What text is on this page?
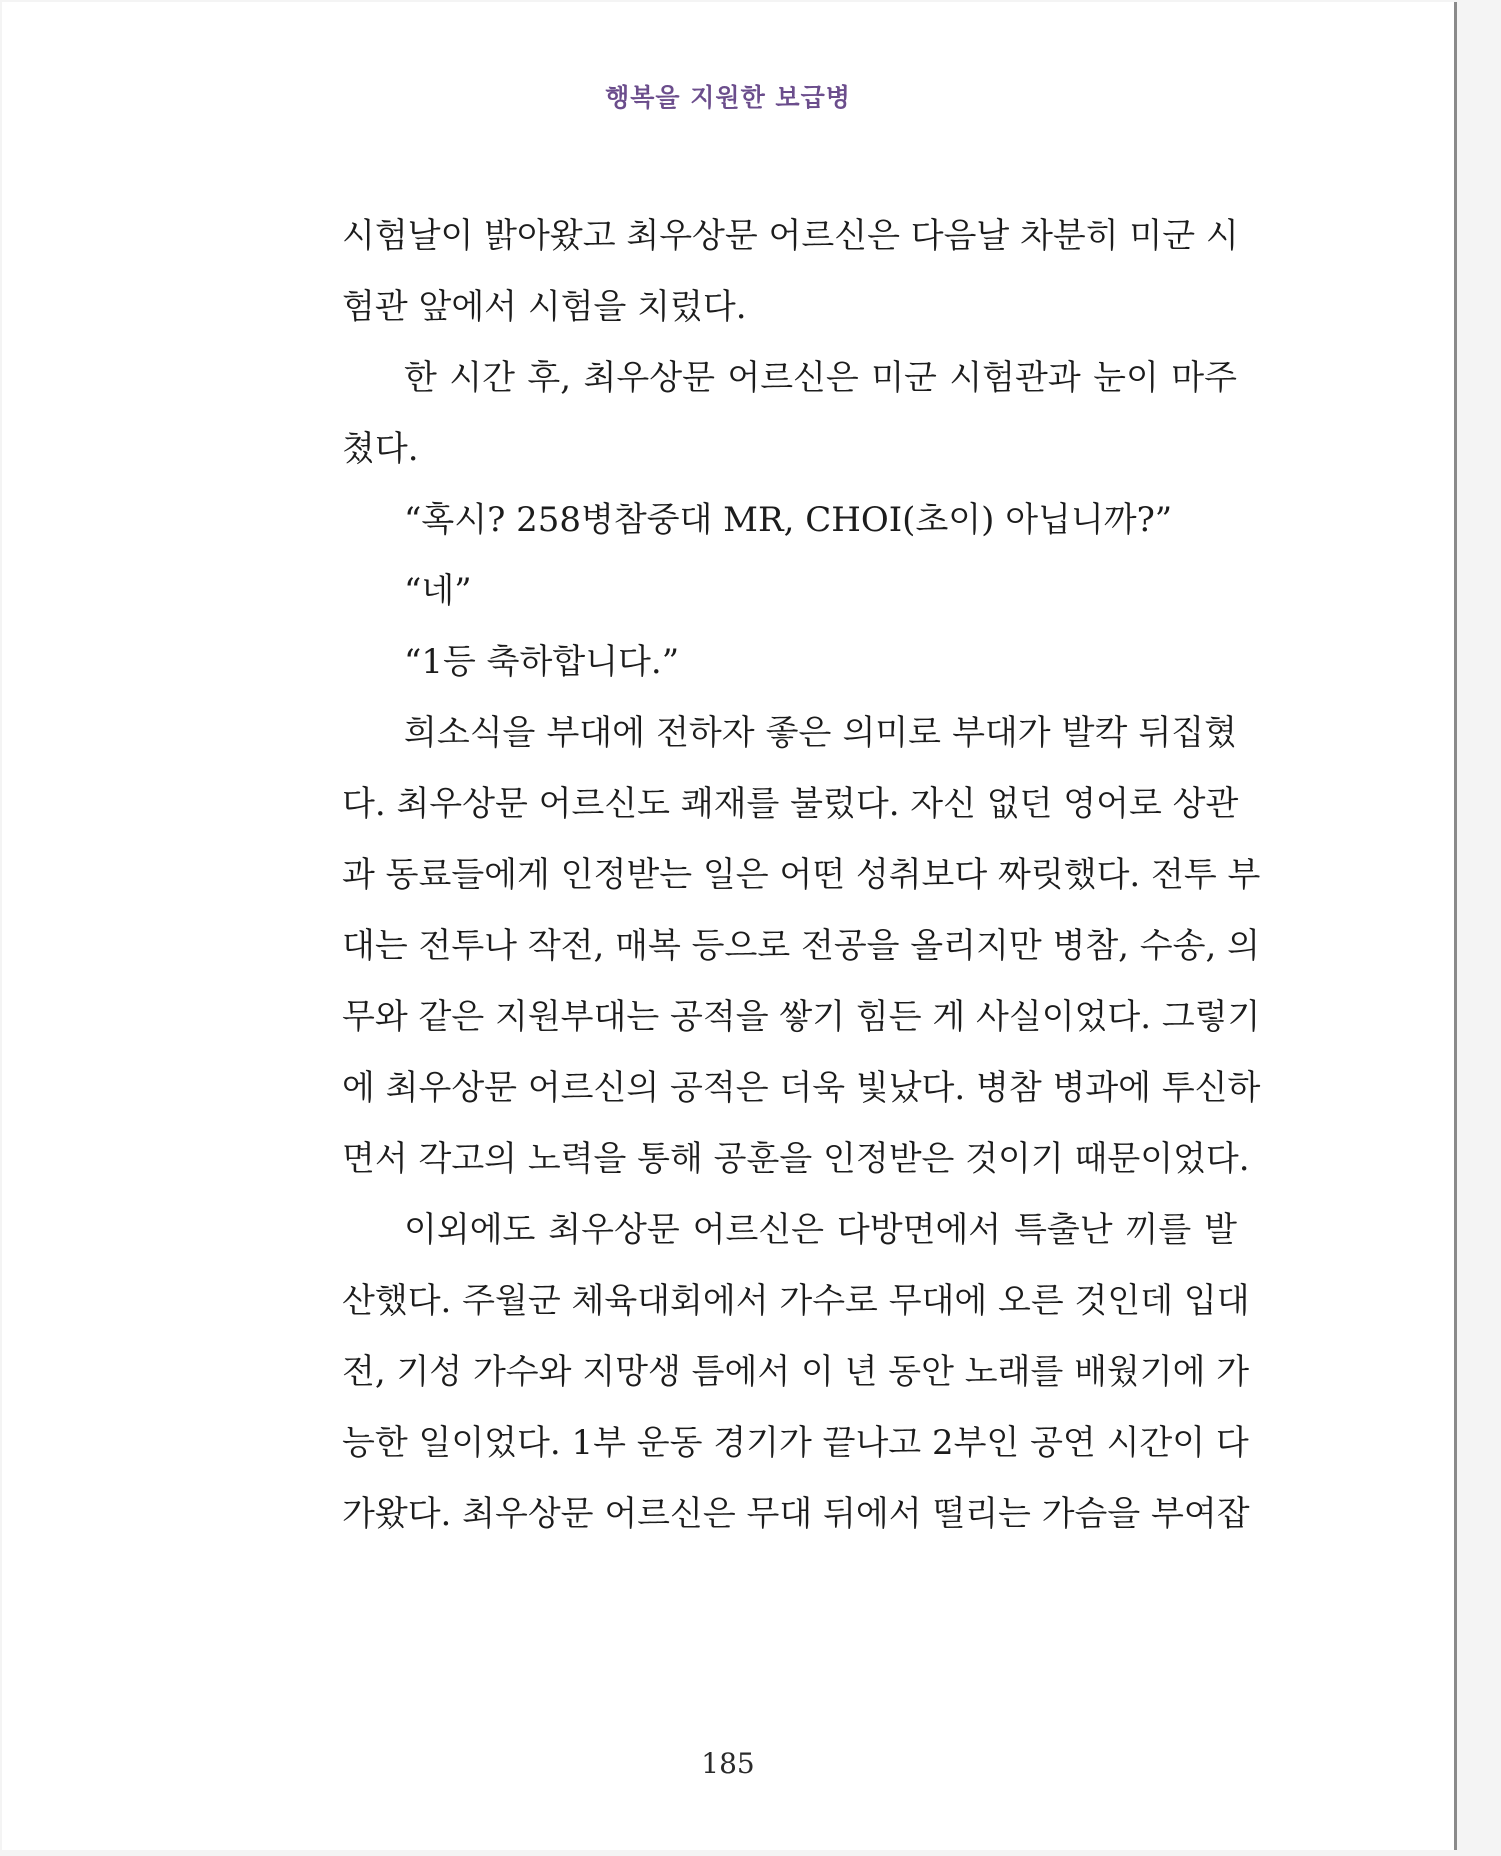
행복을 지원한 보급병
시험날이 밝아왔고 최우상문 어르신은 다음날 차분히 미군 시
험관 앞에서 시험을 치렀다.
한 시간 후, 최우상문 어르신은 미군 시험관과 눈이 마주
쳤다.
“혹시? 258병참중대 MR, CHOI(초이) 아닙니까?”
“네”
“1등 축하합니다.”
희소식을 부대에 전하자 좋은 의미로 부대가 발칵 뒤집혔
다. 최우상문 어르신도 쾌재를 불렀다. 자신 없던 영어로 상관
과 동료들에게 인정받는 일은 어떤 성취보다 짜릿했다. 전투 부
대는 전투나 작전, 매복 등으로 전공을 올리지만 병참, 수송, 의
무와 같은 지원부대는 공적을 쌓기 힘든 게 사실이었다. 그렇기
에 최우상문 어르신의 공적은 더욱 빛났다. 병참 병과에 투신하
면서 각고의 노력을 통해 공훈을 인정받은 것이기 때문이었다.
이외에도 최우상문 어르신은 다방면에서 특출난 끼를 발
산했다. 주월군 체육대회에서 가수로 무대에 오른 것인데 입대
전, 기성 가수와 지망생 틈에서 이 년 동안 노래를 배웠기에 가
능한 일이었다. 1부 운동 경기가 끝나고 2부인 공연 시간이 다
가왔다. 최우상문 어르신은 무대 뒤에서 떨리는 가슴을 부여잡
185
